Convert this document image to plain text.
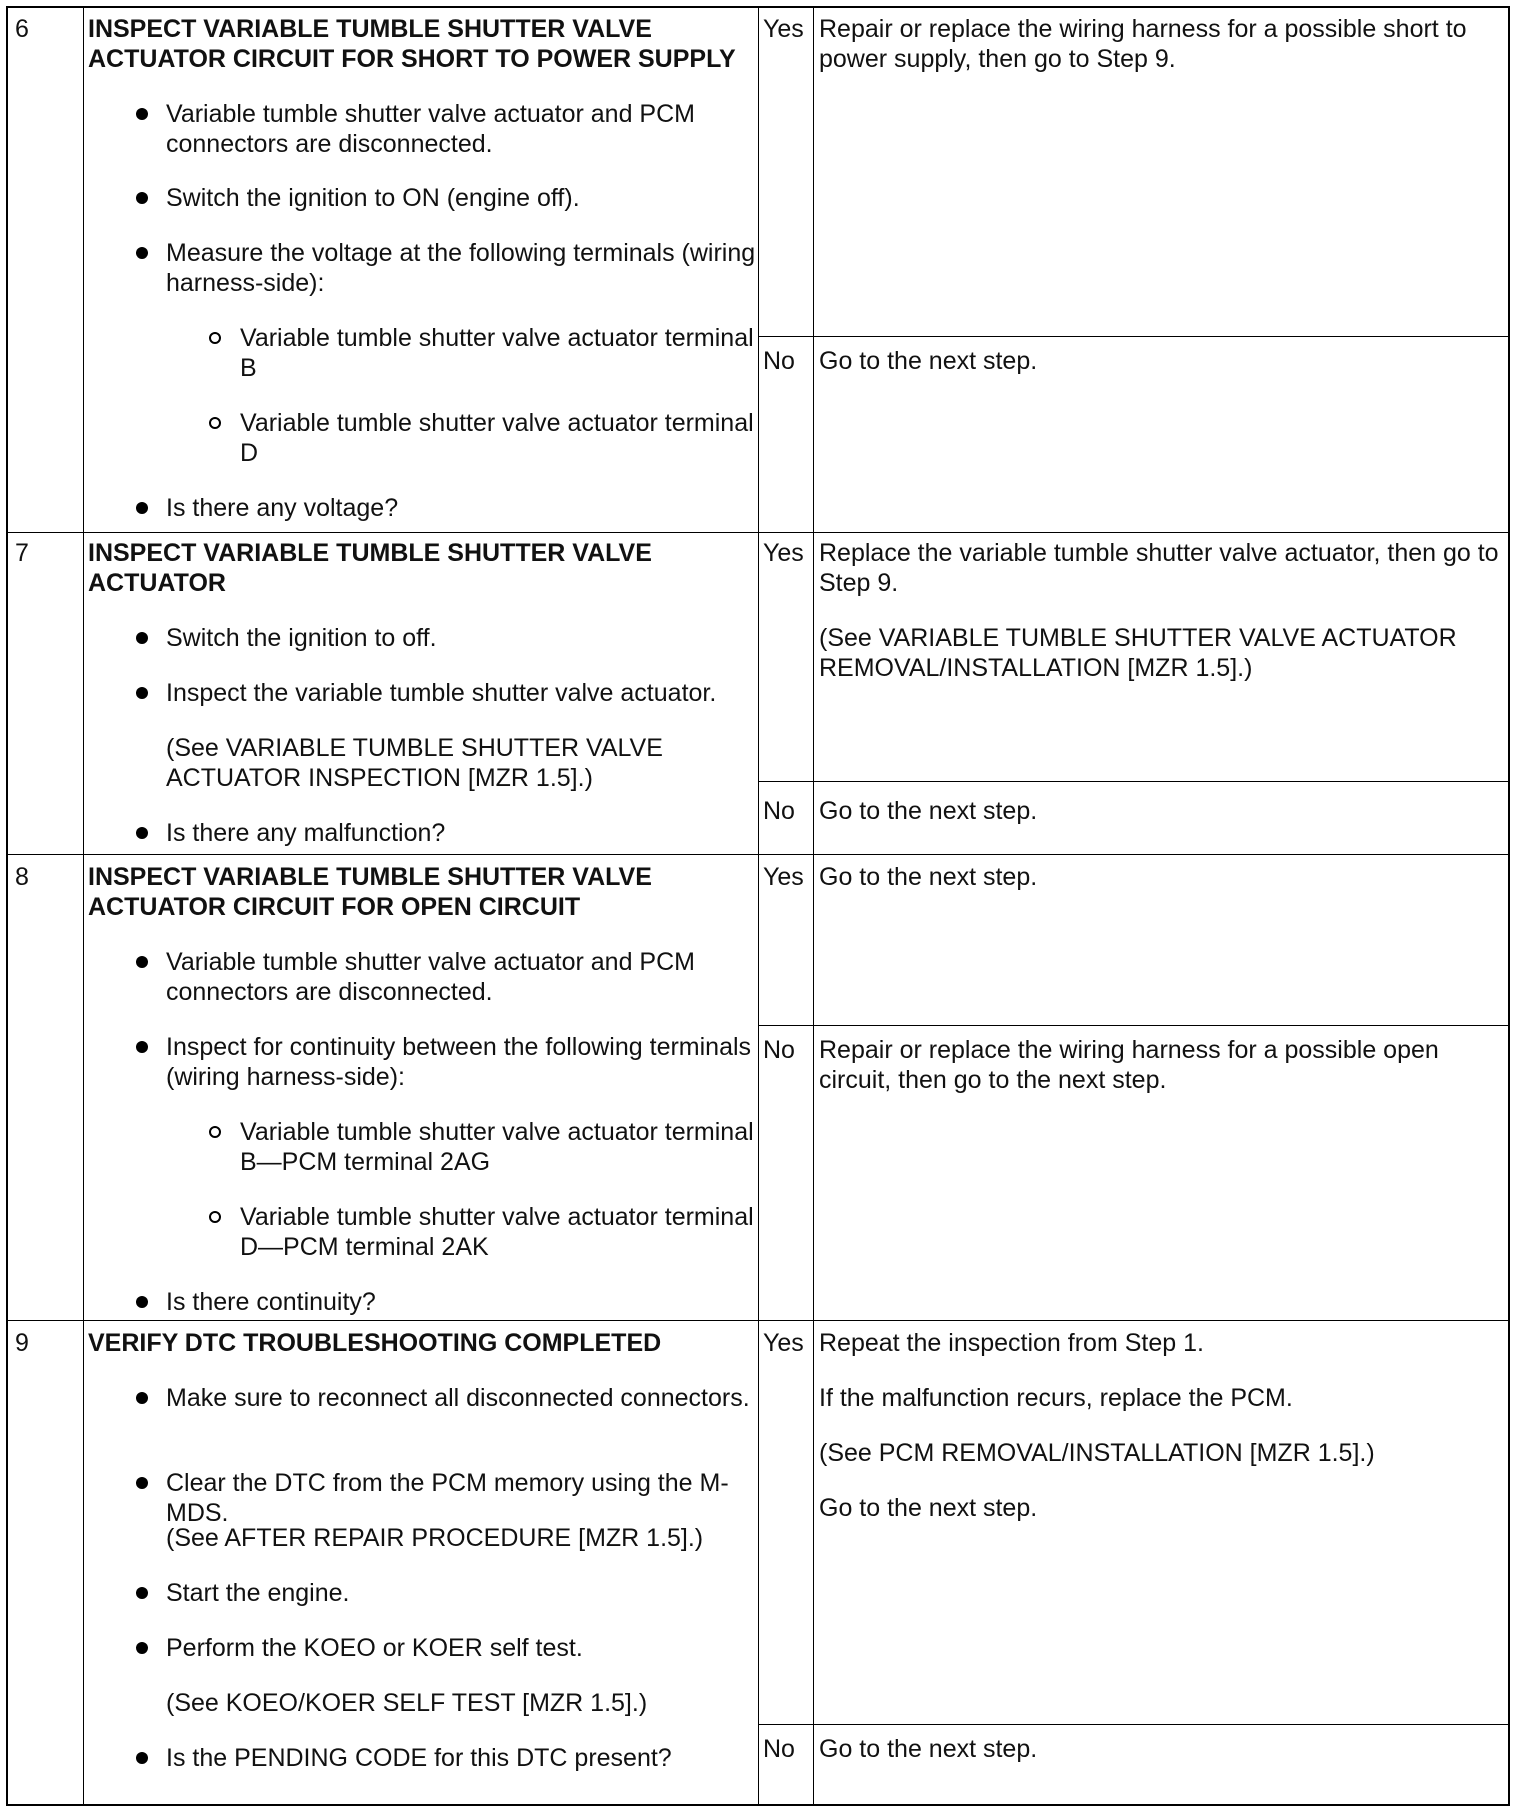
6 INSPECT VARIABLE TUMBLE SHUTTER VALVE ACTUATOR CIRCUIT FOR SHORT TO POWER SUPPLY
Variable tumble shutter valve actuator and PCM connectors are disconnected.
Switch the ignition to ON (engine off).
Measure the voltage at the following terminals (wiring harness-side):
Variable tumble shutter valve actuator terminal B
Variable tumble shutter valve actuator terminal D
Is there any voltage?
Yes Repair or replace the wiring harness for a possible short to power supply, then go to Step 9.
No Go to the next step.
7 INSPECT VARIABLE TUMBLE SHUTTER VALVE ACTUATOR
Switch the ignition to off.
Inspect the variable tumble shutter valve actuator.
(See VARIABLE TUMBLE SHUTTER VALVE ACTUATOR INSPECTION [MZR 1.5].)
Is there any malfunction?
Yes Replace the variable tumble shutter valve actuator, then go to Step 9.
(See VARIABLE TUMBLE SHUTTER VALVE ACTUATOR REMOVAL/INSTALLATION [MZR 1.5].)
No Go to the next step.
8 INSPECT VARIABLE TUMBLE SHUTTER VALVE ACTUATOR CIRCUIT FOR OPEN CIRCUIT
Variable tumble shutter valve actuator and PCM connectors are disconnected.
Inspect for continuity between the following terminals (wiring harness-side):
Variable tumble shutter valve actuator terminal B—PCM terminal 2AG
Variable tumble shutter valve actuator terminal D—PCM terminal 2AK
Is there continuity?
Yes Go to the next step.
No Repair or replace the wiring harness for a possible open circuit, then go to the next step.
9 VERIFY DTC TROUBLESHOOTING COMPLETED
Make sure to reconnect all disconnected connectors.
Clear the DTC from the PCM memory using the M-MDS.
(See AFTER REPAIR PROCEDURE [MZR 1.5].)
Start the engine.
Perform the KOEO or KOER self test.
(See KOEO/KOER SELF TEST [MZR 1.5].)
Is the PENDING CODE for this DTC present?
Yes Repeat the inspection from Step 1.
If the malfunction recurs, replace the PCM.
(See PCM REMOVAL/INSTALLATION [MZR 1.5].)
Go to the next step.
No Go to the next step.
